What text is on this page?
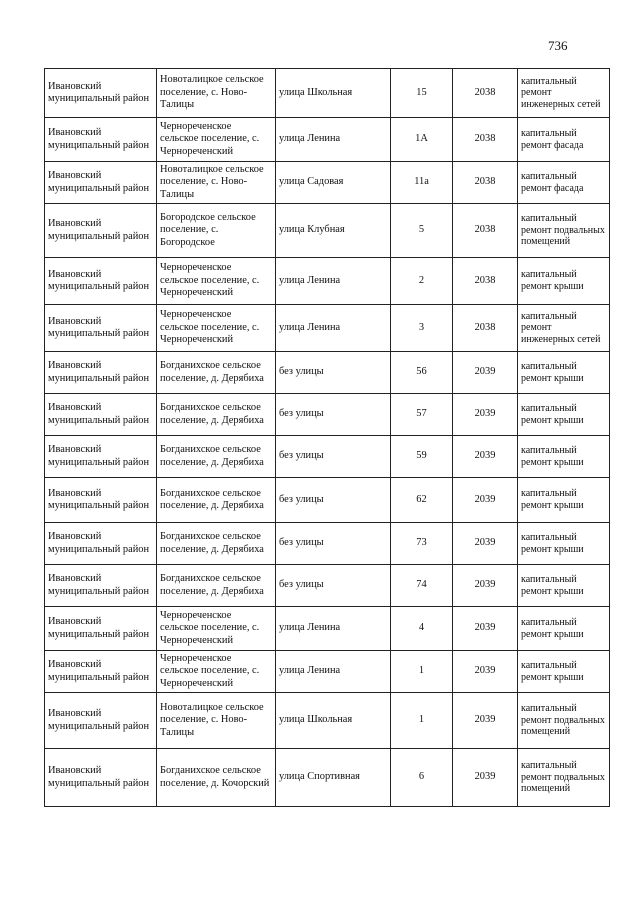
736
Ивановский муниципальный район	Новоталицкое сельское поселение, с. Ново-Талицы	улица Школьная	15	2038	капитальный ремонт инженерных сетей
Ивановский муниципальный район	Чернореченское сельское поселение, с. Чернореченский	улица Ленина	1А	2038	капитальный ремонт фасада
Ивановский муниципальный район	Новоталицкое сельское поселение, с. Ново-Талицы	улица Садовая	11а	2038	капитальный ремонт фасада
Ивановский муниципальный район	Богородское сельское поселение, с. Богородское	улица Клубная	5	2038	капитальный ремонт подвальных помещений
Ивановский муниципальный район	Чернореченское сельское поселение, с. Чернореченский	улица Ленина	2	2038	капитальный ремонт крыши
Ивановский муниципальный район	Чернореченское сельское поселение, с. Чернореченский	улица Ленина	3	2038	капитальный ремонт инженерных сетей
Ивановский муниципальный район	Богданихское сельское поселение, д. Дерябиха	без улицы	56	2039	капитальный ремонт крыши
Ивановский муниципальный район	Богданихское сельское поселение, д. Дерябиха	без улицы	57	2039	капитальный ремонт крыши
Ивановский муниципальный район	Богданихское сельское поселение, д. Дерябиха	без улицы	59	2039	капитальный ремонт крыши
Ивановский муниципальный район	Богданихское сельское поселение, д. Дерябиха	без улицы	62	2039	капитальный ремонт крыши
Ивановский муниципальный район	Богданихское сельское поселение, д. Дерябиха	без улицы	73	2039	капитальный ремонт крыши
Ивановский муниципальный район	Богданихское сельское поселение, д. Дерябиха	без улицы	74	2039	капитальный ремонт крыши
Ивановский муниципальный район	Чернореченское сельское поселение, с. Чернореченский	улица Ленина	4	2039	капитальный ремонт крыши
Ивановский муниципальный район	Чернореченское сельское поселение, с. Чернореченский	улица Ленина	1	2039	капитальный ремонт крыши
Ивановский муниципальный район	Новоталицкое сельское поселение, с. Ново-Талицы	улица Школьная	1	2039	капитальный ремонт подвальных помещений
Ивановский муниципальный район	Богданихское сельское поселение, д. Кочорский	улица Спортивная	6	2039	капитальный ремонт подвальных помещений
